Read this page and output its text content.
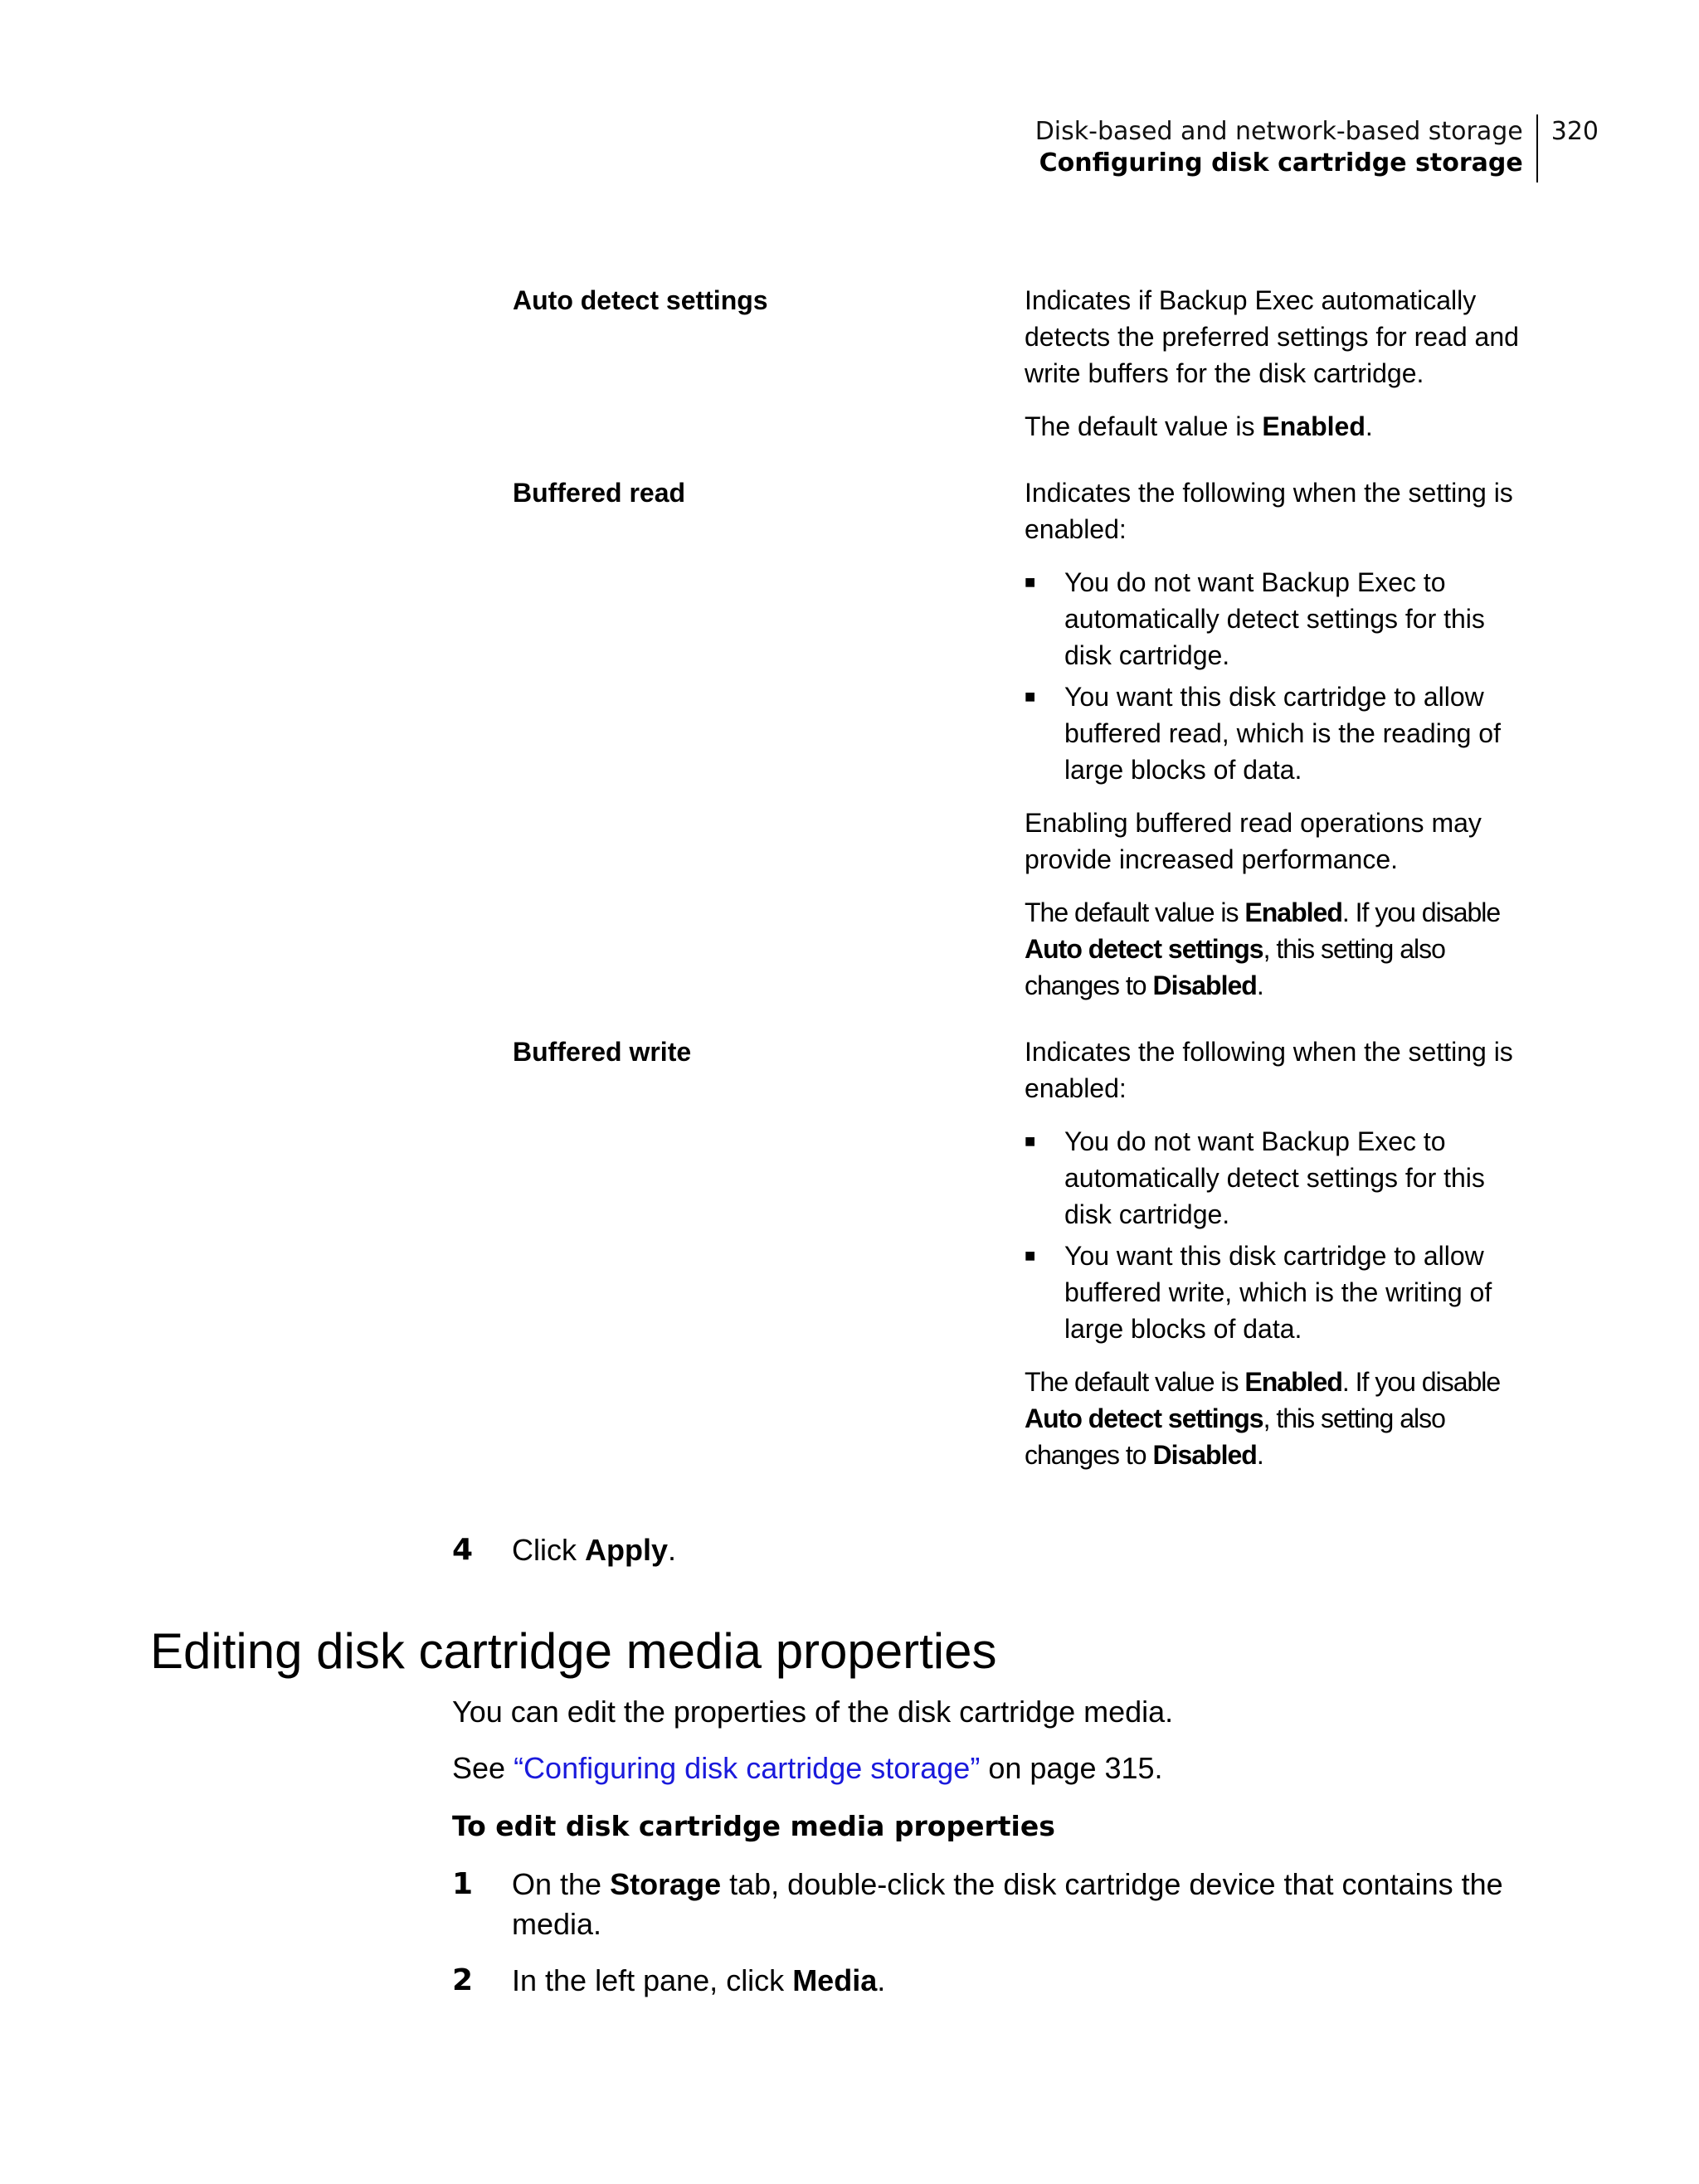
Disk-based and network-based storage
Configuring disk cartridge storage
320
Auto detect settings	Indicates if Backup Exec automatically detects the preferred settings for read and write buffers for the disk cartridge.

The default value is Enabled.

Buffered read	Indicates the following when the setting is enabled:

■ You do not want Backup Exec to automatically detect settings for this disk cartridge.
■ You want this disk cartridge to allow buffered read, which is the reading of large blocks of data.

Enabling buffered read operations may provide increased performance.

The default value is Enabled. If you disable Auto detect settings, this setting also changes to Disabled.

Buffered write	Indicates the following when the setting is enabled:

■ You do not want Backup Exec to automatically detect settings for this disk cartridge.
■ You want this disk cartridge to allow buffered write, which is the writing of large blocks of data.

The default value is Enabled. If you disable Auto detect settings, this setting also changes to Disabled.

4	Click Apply.
Editing disk cartridge media properties

You can edit the properties of the disk cartridge media.

See “Configuring disk cartridge storage” on page 315.

To edit disk cartridge media properties

1	On the Storage tab, double-click the disk cartridge device that contains the media.
2	In the left pane, click Media.
